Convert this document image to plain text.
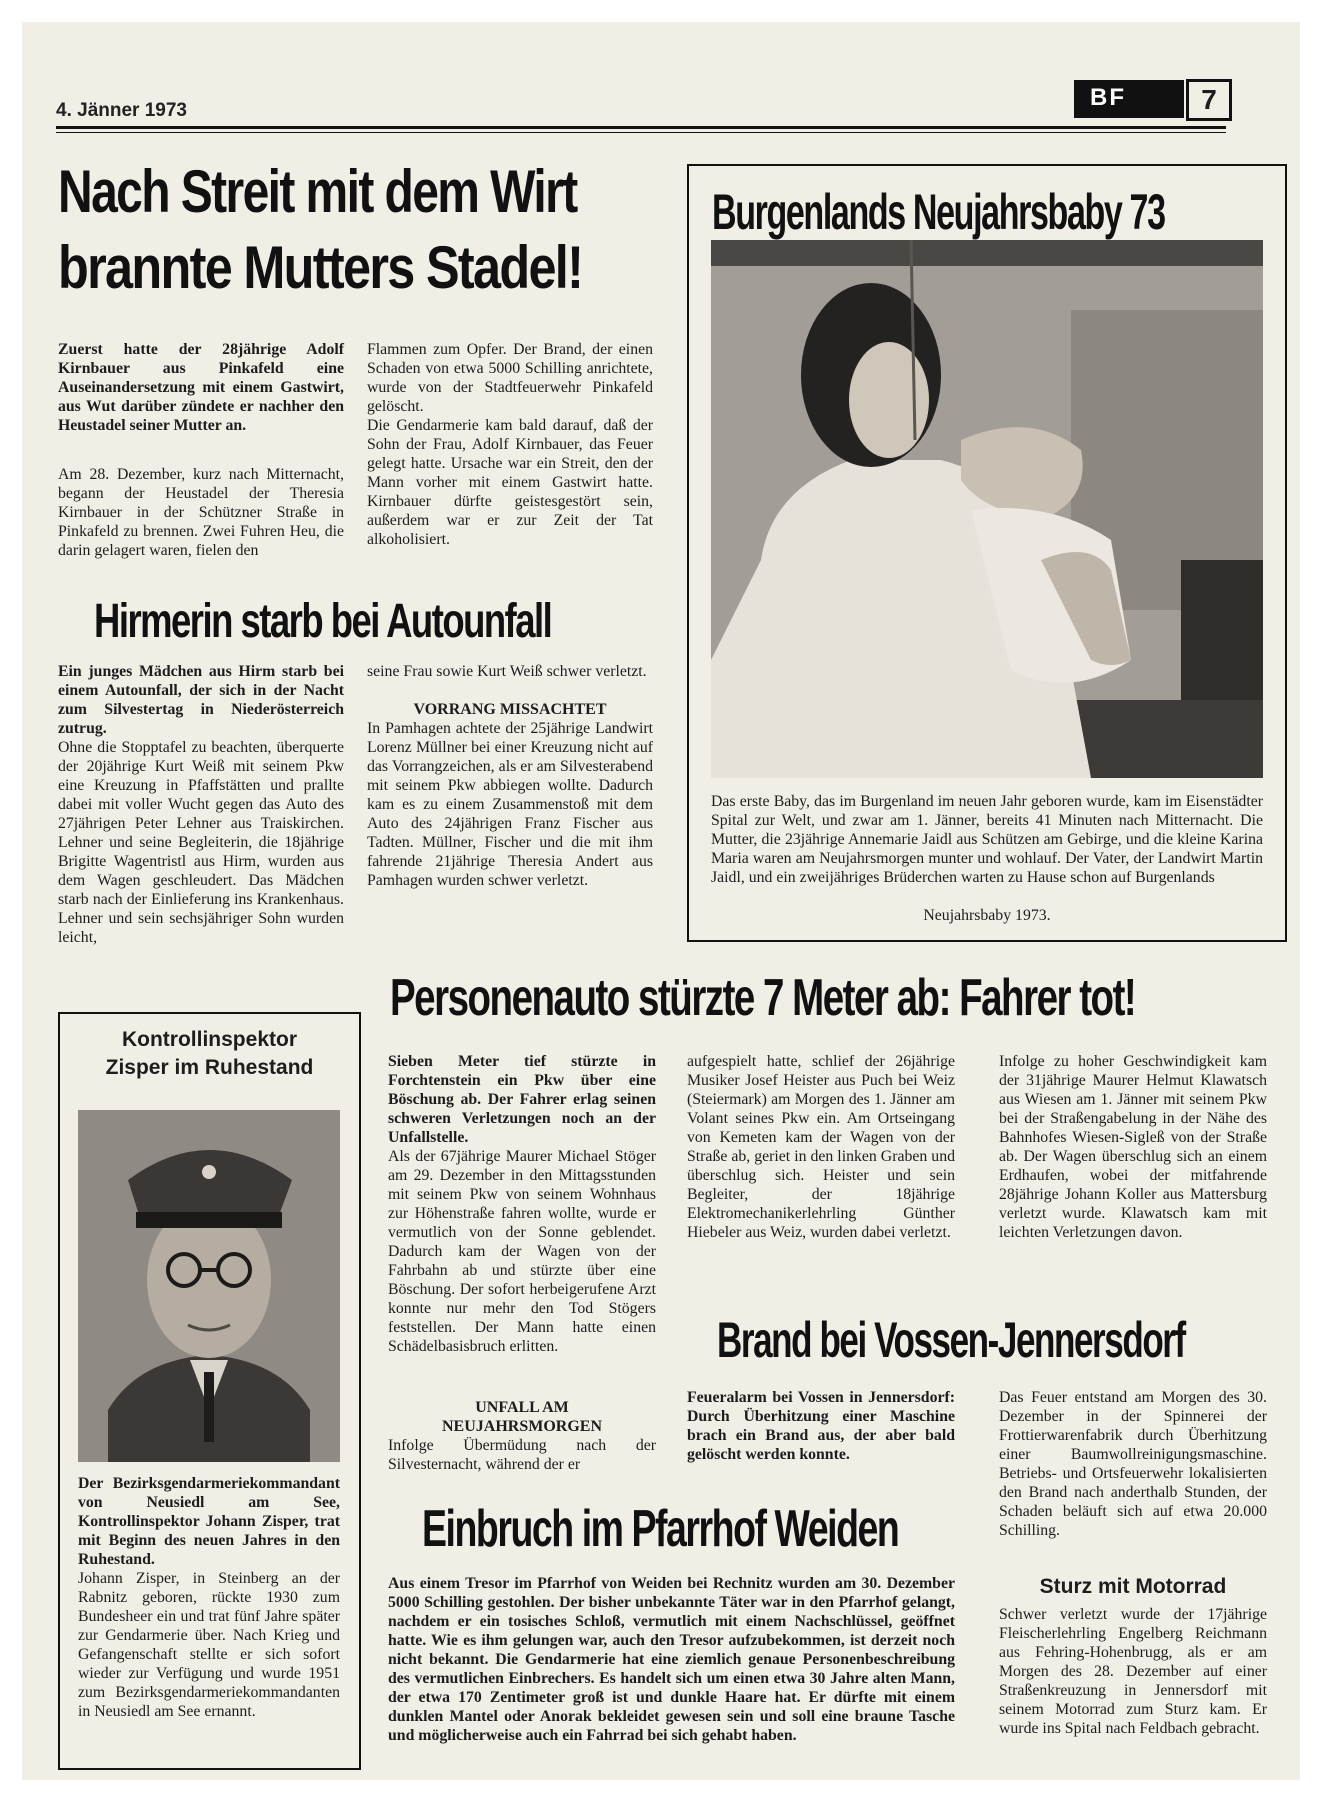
4. Jänner 1973	BF	7
Nach Streit mit dem Wirt
brannte Mutters Stadel!
Zuerst hatte der 28jährige Adolf Kirnbauer aus Pinkafeld eine Auseinandersetzung mit einem Gastwirt, aus Wut darüber zündete er nachher den Heustadel seiner Mutter an.
Am 28. Dezember, kurz nach Mitternacht, begann der Heustadel der Theresia Kirnbauer in der Schützner Straße in Pinkafeld zu brennen. Zwei Fuhren Heu, die darin gelagert waren, fielen den
Flammen zum Opfer. Der Brand, der einen Schaden von etwa 5000 Schilling anrichtete, wurde von der Stadtfeuerwehr Pinkafeld gelöscht.
Die Gendarmerie kam bald darauf, daß der Sohn der Frau, Adolf Kirnbauer, das Feuer gelegt hatte. Ursache war ein Streit, den der Mann vorher mit einem Gastwirt hatte. Kirnbauer dürfte geistesgestört sein, außerdem war er zur Zeit der Tat alkoholisiert.
Hirmerin starb bei Autounfall
Ein junges Mädchen aus Hirm starb bei einem Autounfall, der sich in der Nacht zum Silvestertag in Niederösterreich zutrug.
Ohne die Stopptafel zu beachten, überquerte der 20jährige Kurt Weiß mit seinem Pkw eine Kreuzung in Pfaffstätten und prallte dabei mit voller Wucht gegen das Auto des 27jährigen Peter Lehner aus Traiskirchen. Lehner und seine Begleiterin, die 18jährige Brigitte Wagentristl aus Hirm, wurden aus dem Wagen geschleudert. Das Mädchen starb nach der Einlieferung ins Krankenhaus. Lehner und sein sechsjähriger Sohn wurden leicht,
seine Frau sowie Kurt Weiß schwer verletzt.
VORRANG MISSACHTET
In Pamhagen achtete der 25jährige Landwirt Lorenz Müllner bei einer Kreuzung nicht auf das Vorrangzeichen, als er am Silvesterabend mit seinem Pkw abbiegen wollte. Dadurch kam es zu einem Zusammenstoß mit dem Auto des 24jährigen Franz Fischer aus Tadten. Müllner, Fischer und die mit ihm fahrende 21jährige Theresia Andert aus Pamhagen wurden schwer verletzt.
Burgenlands Neujahrsbaby 73
Das erste Baby, das im Burgenland im neuen Jahr geboren wurde, kam im Eisenstädter Spital zur Welt, und zwar am 1. Jänner, bereits 41 Minuten nach Mitternacht. Die Mutter, die 23jährige Annemarie Jaidl aus Schützen am Gebirge, und die kleine Karina Maria waren am Neujahrsmorgen munter und wohlauf. Der Vater, der Landwirt Martin Jaidl, und ein zweijähriges Brüderchen warten zu Hause schon auf Burgenlands
Neujahrsbaby 1973.
Kontrollinspektor
Zisper im Ruhestand
Der Bezirksgendarmeriekommandant von Neusiedl am See, Kontrollinspektor Johann Zisper, trat mit Beginn des neuen Jahres in den Ruhestand.
Johann Zisper, in Steinberg an der Rabnitz geboren, rückte 1930 zum Bundesheer ein und trat fünf Jahre später zur Gendarmerie über. Nach Krieg und Gefangenschaft stellte er sich sofort wieder zur Verfügung und wurde 1951 zum Bezirksgendarmeriekommandanten in Neusiedl am See ernannt.
Personenauto stürzte 7 Meter ab: Fahrer tot!
Sieben Meter tief stürzte in Forchtenstein ein Pkw über eine Böschung ab. Der Fahrer erlag seinen schweren Verletzungen noch an der Unfallstelle.
Als der 67jährige Maurer Michael Stöger am 29. Dezember in den Mittagsstunden mit seinem Pkw von seinem Wohnhaus zur Höhenstraße fahren wollte, wurde er vermutlich von der Sonne geblendet. Dadurch kam der Wagen von der Fahrbahn ab und stürzte über eine Böschung. Der sofort herbeigerufene Arzt konnte nur mehr den Tod Stögers feststellen. Der Mann hatte einen Schädelbasisbruch erlitten.
UNFALL AM
NEUJAHRSMORGEN
Infolge Übermüdung nach der Silvesternacht, während der er
aufgespielt hatte, schlief der 26jährige Musiker Josef Heister aus Puch bei Weiz (Steiermark) am Morgen des 1. Jänner am Volant seines Pkw ein. Am Ortseingang von Kemeten kam der Wagen von der Straße ab, geriet in den linken Graben und überschlug sich. Heister und sein Begleiter, der 18jährige Elektromechanikerlehrling Günther Hiebeler aus Weiz, wurden dabei verletzt.
Infolge zu hoher Geschwindigkeit kam der 31jährige Maurer Helmut Klawatsch aus Wiesen am 1. Jänner mit seinem Pkw bei der Straßengabelung in der Nähe des Bahnhofes Wiesen-Sigleß von der Straße ab. Der Wagen überschlug sich an einem Erdhaufen, wobei der mitfahrende 28jährige Johann Koller aus Mattersburg verletzt wurde. Klawatsch kam mit leichten Verletzungen davon.
Brand bei Vossen-Jennersdorf
Feueralarm bei Vossen in Jennersdorf: Durch Überhitzung einer Maschine brach ein Brand aus, der aber bald gelöscht werden konnte.
Das Feuer entstand am Morgen des 30. Dezember in der Spinnerei der Frottierwarenfabrik durch Überhitzung einer Baumwollreinigungsmaschine. Betriebs- und Ortsfeuerwehr lokalisierten den Brand nach anderthalb Stunden, der Schaden beläuft sich auf etwa 20.000 Schilling.
Einbruch im Pfarrhof Weiden
Aus einem Tresor im Pfarrhof von Weiden bei Rechnitz wurden am 30. Dezember 5000 Schilling gestohlen. Der bisher unbekannte Täter war in den Pfarrhof gelangt, nachdem er ein tosisches Schloß, vermutlich mit einem Nachschlüssel, geöffnet hatte. Wie es ihm gelungen war, auch den Tresor aufzubekommen, ist derzeit noch nicht bekannt. Die Gendarmerie hat eine ziemlich genaue Personenbeschreibung des vermutlichen Einbrechers. Es handelt sich um einen etwa 30 Jahre alten Mann, der etwa 170 Zentimeter groß ist und dunkle Haare hat. Er dürfte mit einem dunklen Mantel oder Anorak bekleidet gewesen sein und soll eine braune Tasche und möglicherweise auch ein Fahrrad bei sich gehabt haben.
Sturz mit Motorrad
Schwer verletzt wurde der 17jährige Fleischerlehrling Engelberg Reichmann aus Fehring-Hohenbrugg, als er am Morgen des 28. Dezember auf einer Straßenkreuzung in Jennersdorf mit seinem Motorrad zum Sturz kam. Er wurde ins Spital nach Feldbach gebracht.
